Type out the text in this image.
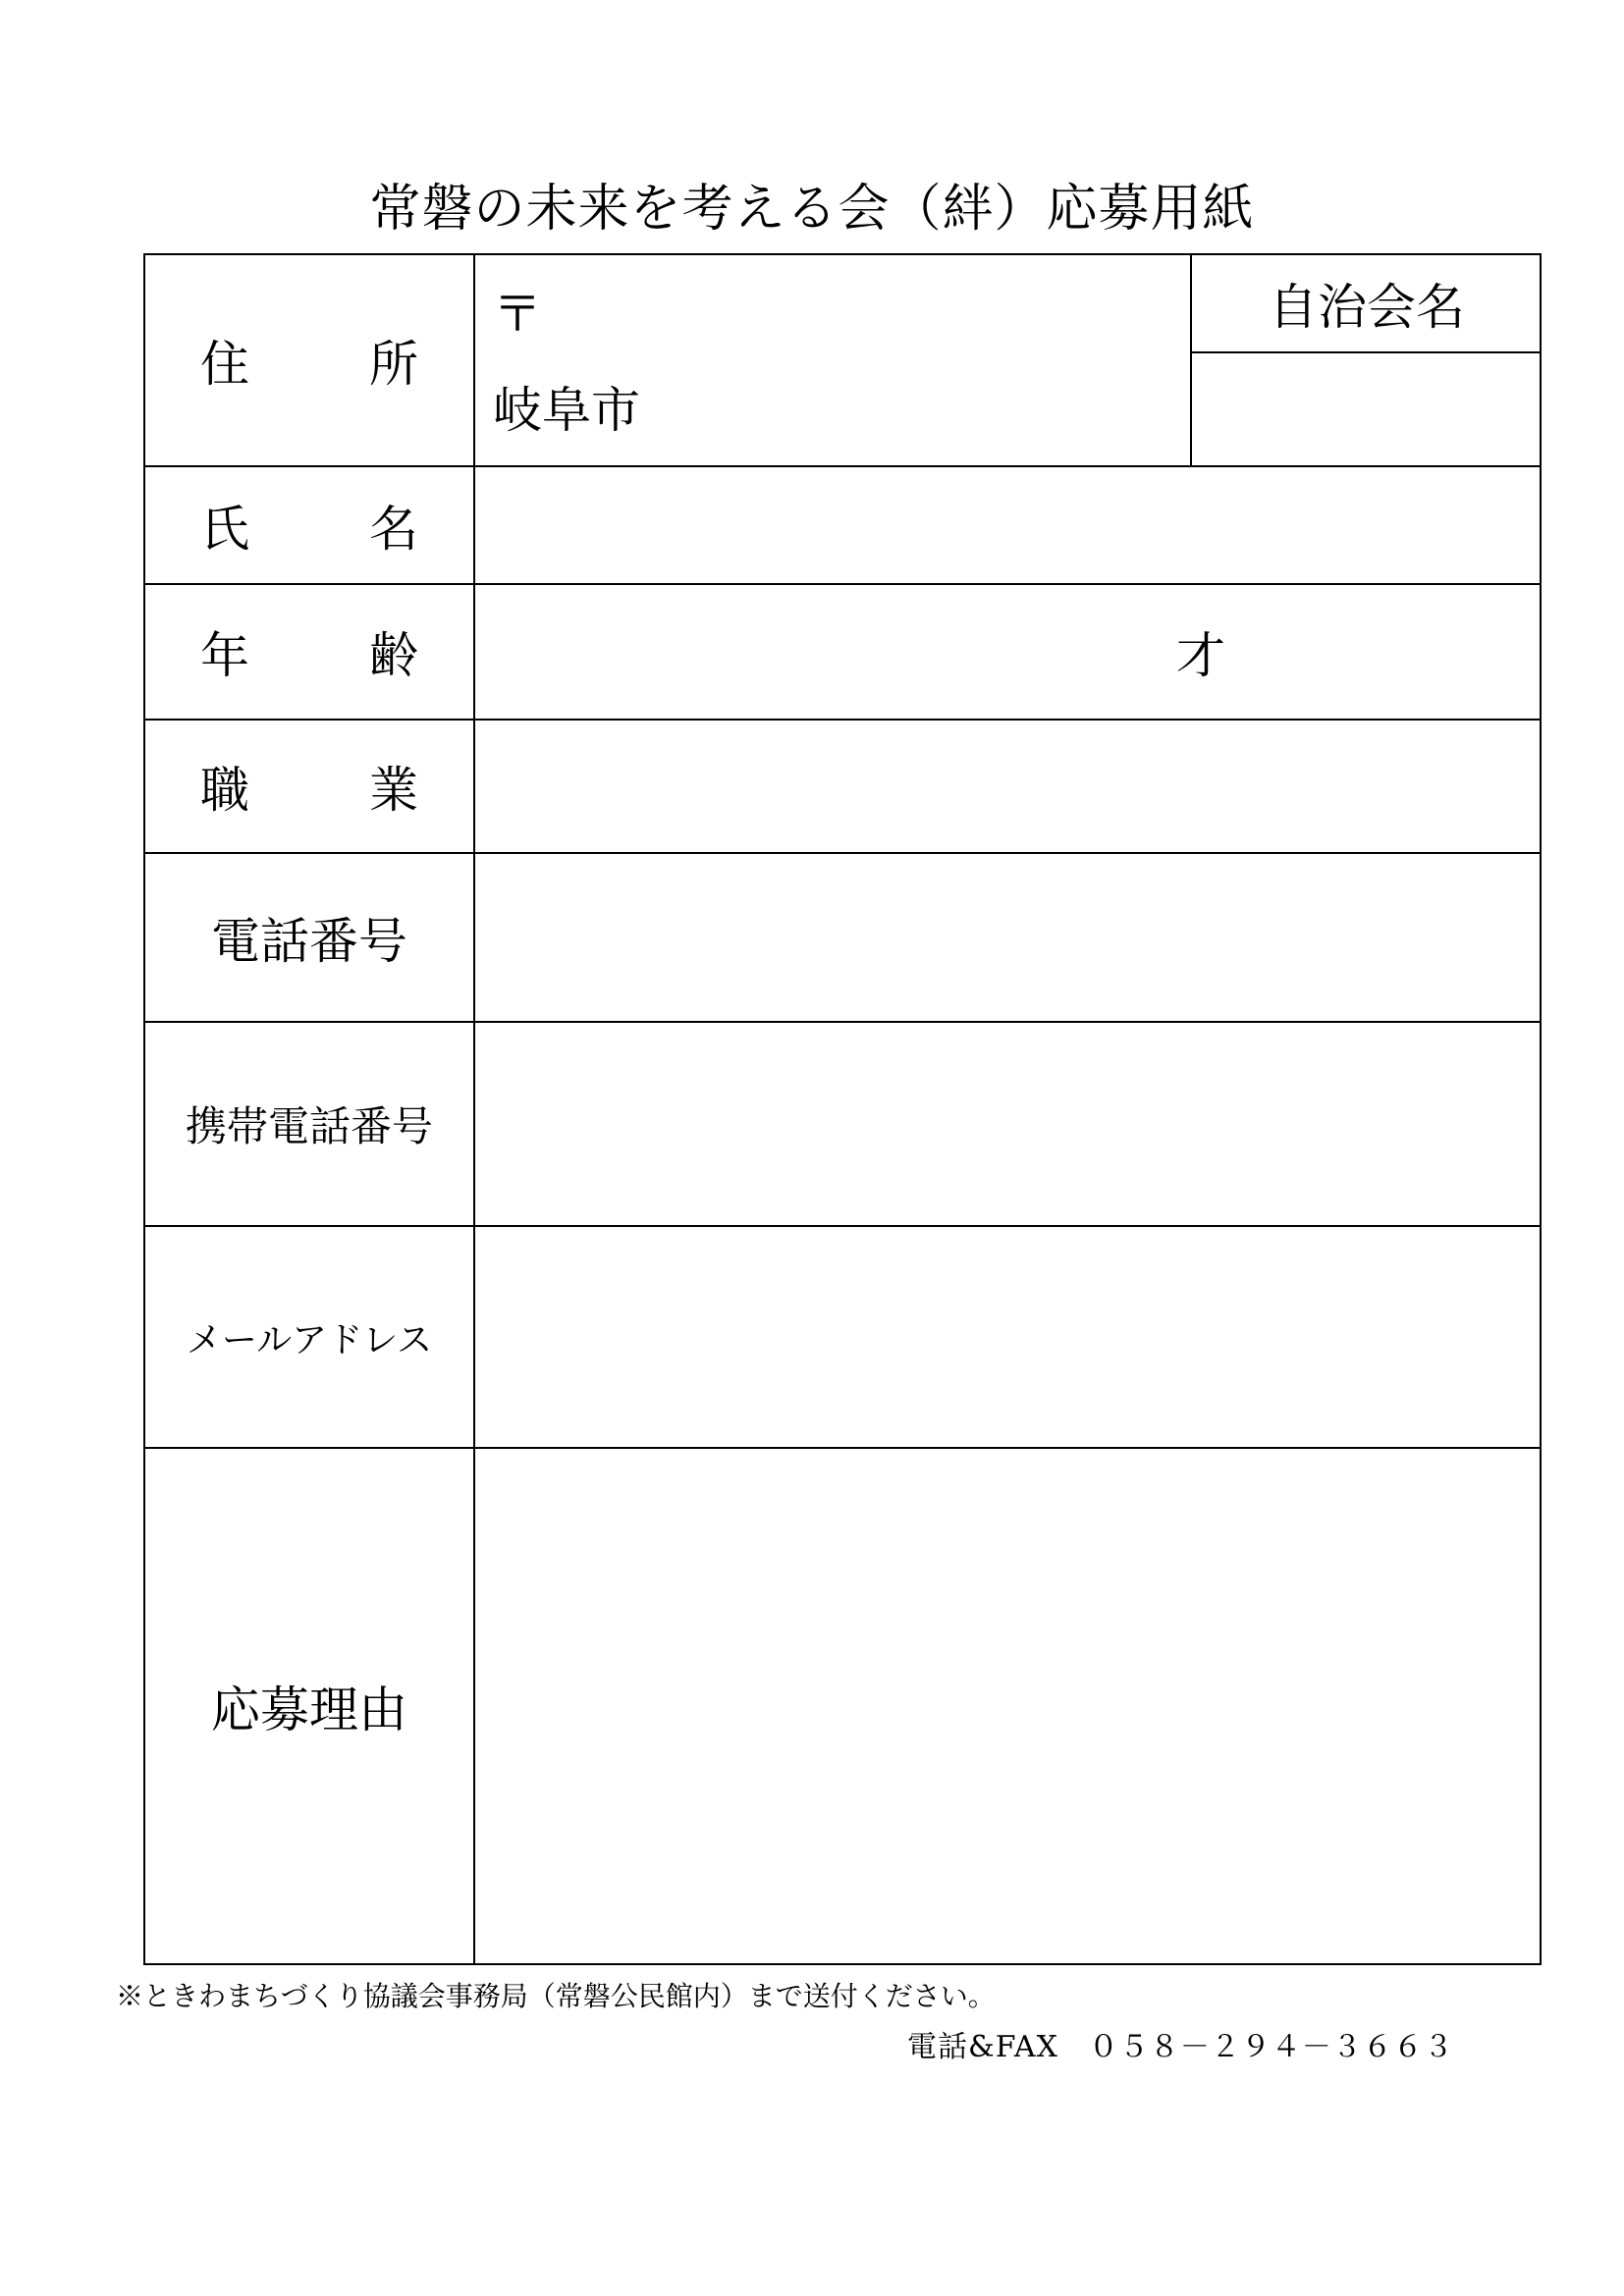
常磐の未来を考える会（絆）応募用紙
住 所
〒
岐阜市
自治会名
氏 名
年 齢	才
職 業
電話番号
携帯電話番号
メールアドレス
応募理由
※ときわまちづくり協議会事務局（常磐公民館内）まで送付ください。
電話&FAX　０５８－２９４－３６６３
